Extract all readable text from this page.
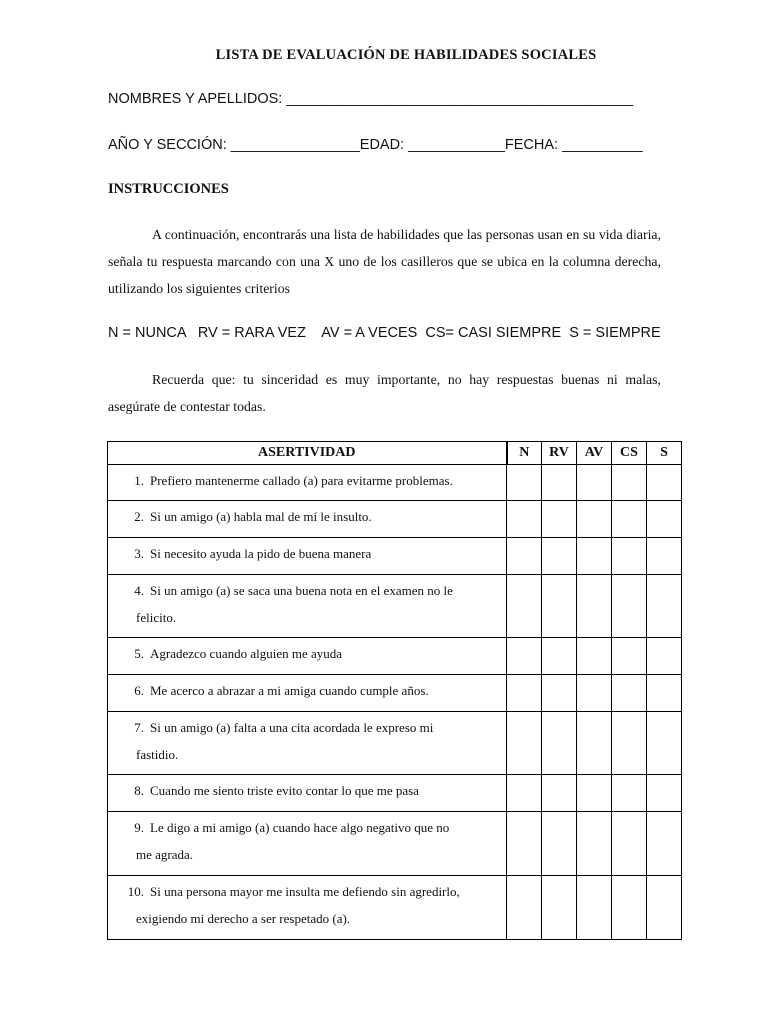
LISTA DE EVALUACIÓN DE HABILIDADES SOCIALES
NOMBRES Y APELLIDOS: ___________________________________________
AÑO Y SECCIÓN: ________________EDAD: ____________FECHA: __________
INSTRUCCIONES
A continuación, encontrarás una lista de habilidades que las personas usan en su vida diaria, señala tu respuesta marcando con una X uno de los casilleros que se ubica en la columna derecha, utilizando los siguientes criterios
N = NUNCA   RV = RARA VEZ    AV = A VECES  CS= CASI SIEMPRE  S = SIEMPRE
Recuerda que: tu sinceridad es muy importante, no hay respuestas buenas ni malas, asegúrate de contestar todas.
ASERTIVIDAD	N	RV	AV	CS	S
1. Prefiero mantenerme callado (a) para evitarme problemas.					
2. Si un amigo (a) habla mal de mí le insulto.					
3. Si necesito ayuda la pido de buena manera					
4. Si un amigo (a) se saca una buena nota en el examen no le
felicito.					

5. Agradezco cuando alguien me ayuda					
6. Me acerco a abrazar a mi amiga cuando cumple años.					
7. Si un amigo (a) falta a una cita acordada le expreso mi
fastidio.					

8. Cuando me siento triste evito contar lo que me pasa					
9. Le digo a mi amigo (a) cuando hace algo negativo que no
me agrada.					

10. Si una persona mayor me insulta me defiendo sin agredirlo,
exigiendo mi derecho a ser respetado (a).					
